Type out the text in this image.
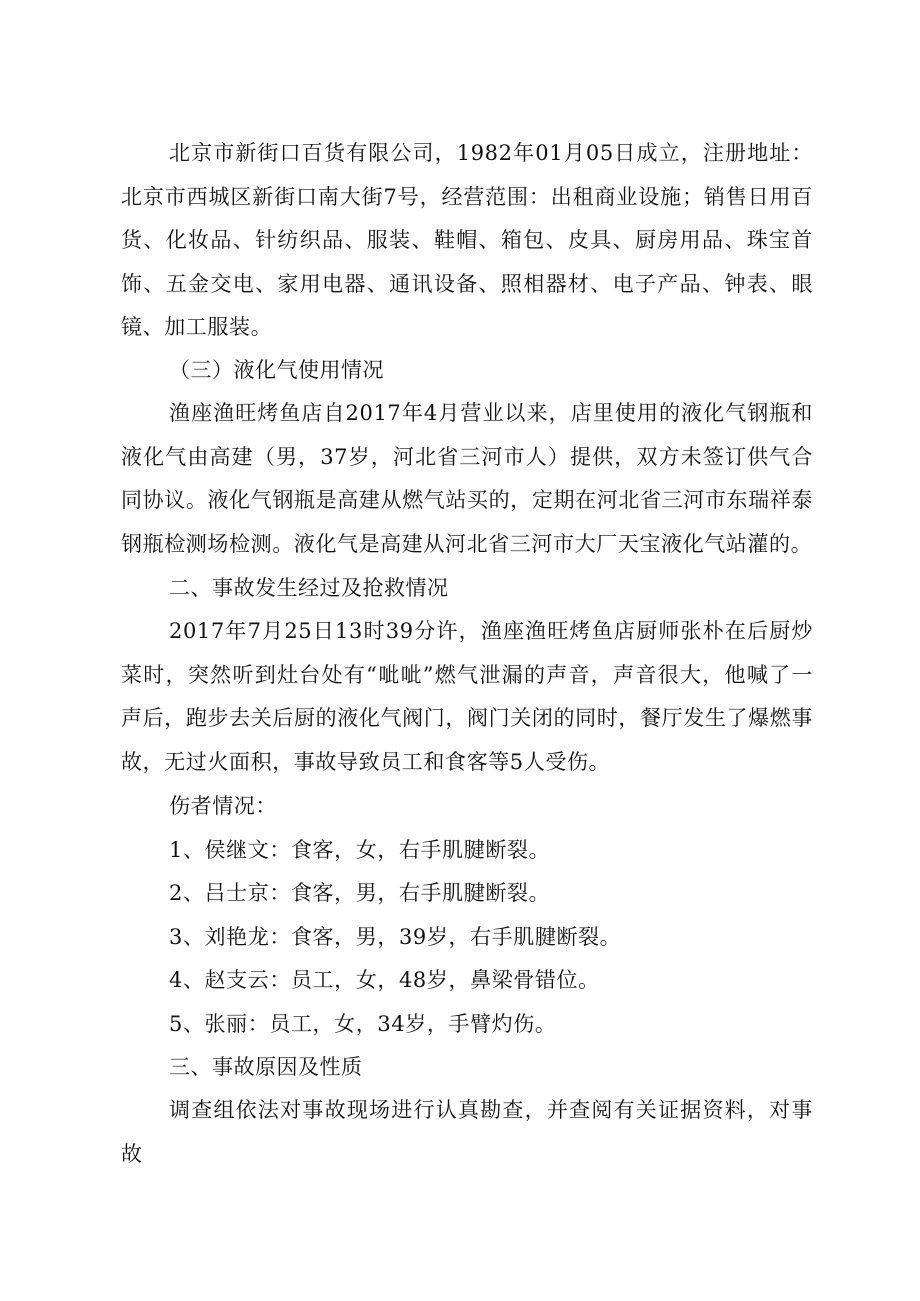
北京市新街口百货有限公司，1982年01月05日成立，注册地址：北京市西城区新街口南大街7号，经营范围：出租商业设施；销售日用百货、化妆品、针纺织品、服装、鞋帽、箱包、皮具、厨房用品、珠宝首饰、五金交电、家用电器、通讯设备、照相器材、电子产品、钟表、眼镜、加工服装。

（三）液化气使用情况

渔座渔旺烤鱼店自2017年4月营业以来，店里使用的液化气钢瓶和液化气由高建（男，37岁，河北省三河市人）提供，双方未签订供气合同协议。液化气钢瓶是高建从燃气站买的，定期在河北省三河市东瑞祥泰钢瓶检测场检测。液化气是高建从河北省三河市大厂天宝液化气站灌的。

二、事故发生经过及抢救情况

2017年7月25日13时39分许，渔座渔旺烤鱼店厨师张朴在后厨炒菜时，突然听到灶台处有“呲呲”燃气泄漏的声音，声音很大，他喊了一声后，跑步去关后厨的液化气阀门，阀门关闭的同时，餐厅发生了爆燃事故，无过火面积，事故导致员工和食客等5人受伤。

伤者情况：
1、侯继文：食客，女，右手肌腱断裂。
2、吕士京：食客，男，右手肌腱断裂。
3、刘艳龙：食客，男，39岁，右手肌腱断裂。
4、赵支云：员工，女，48岁，鼻梁骨错位。
5、张丽：员工，女，34岁，手臂灼伤。
三、事故原因及性质

调查组依法对事故现场进行认真勘查，并查阅有关证据资料，对事故
